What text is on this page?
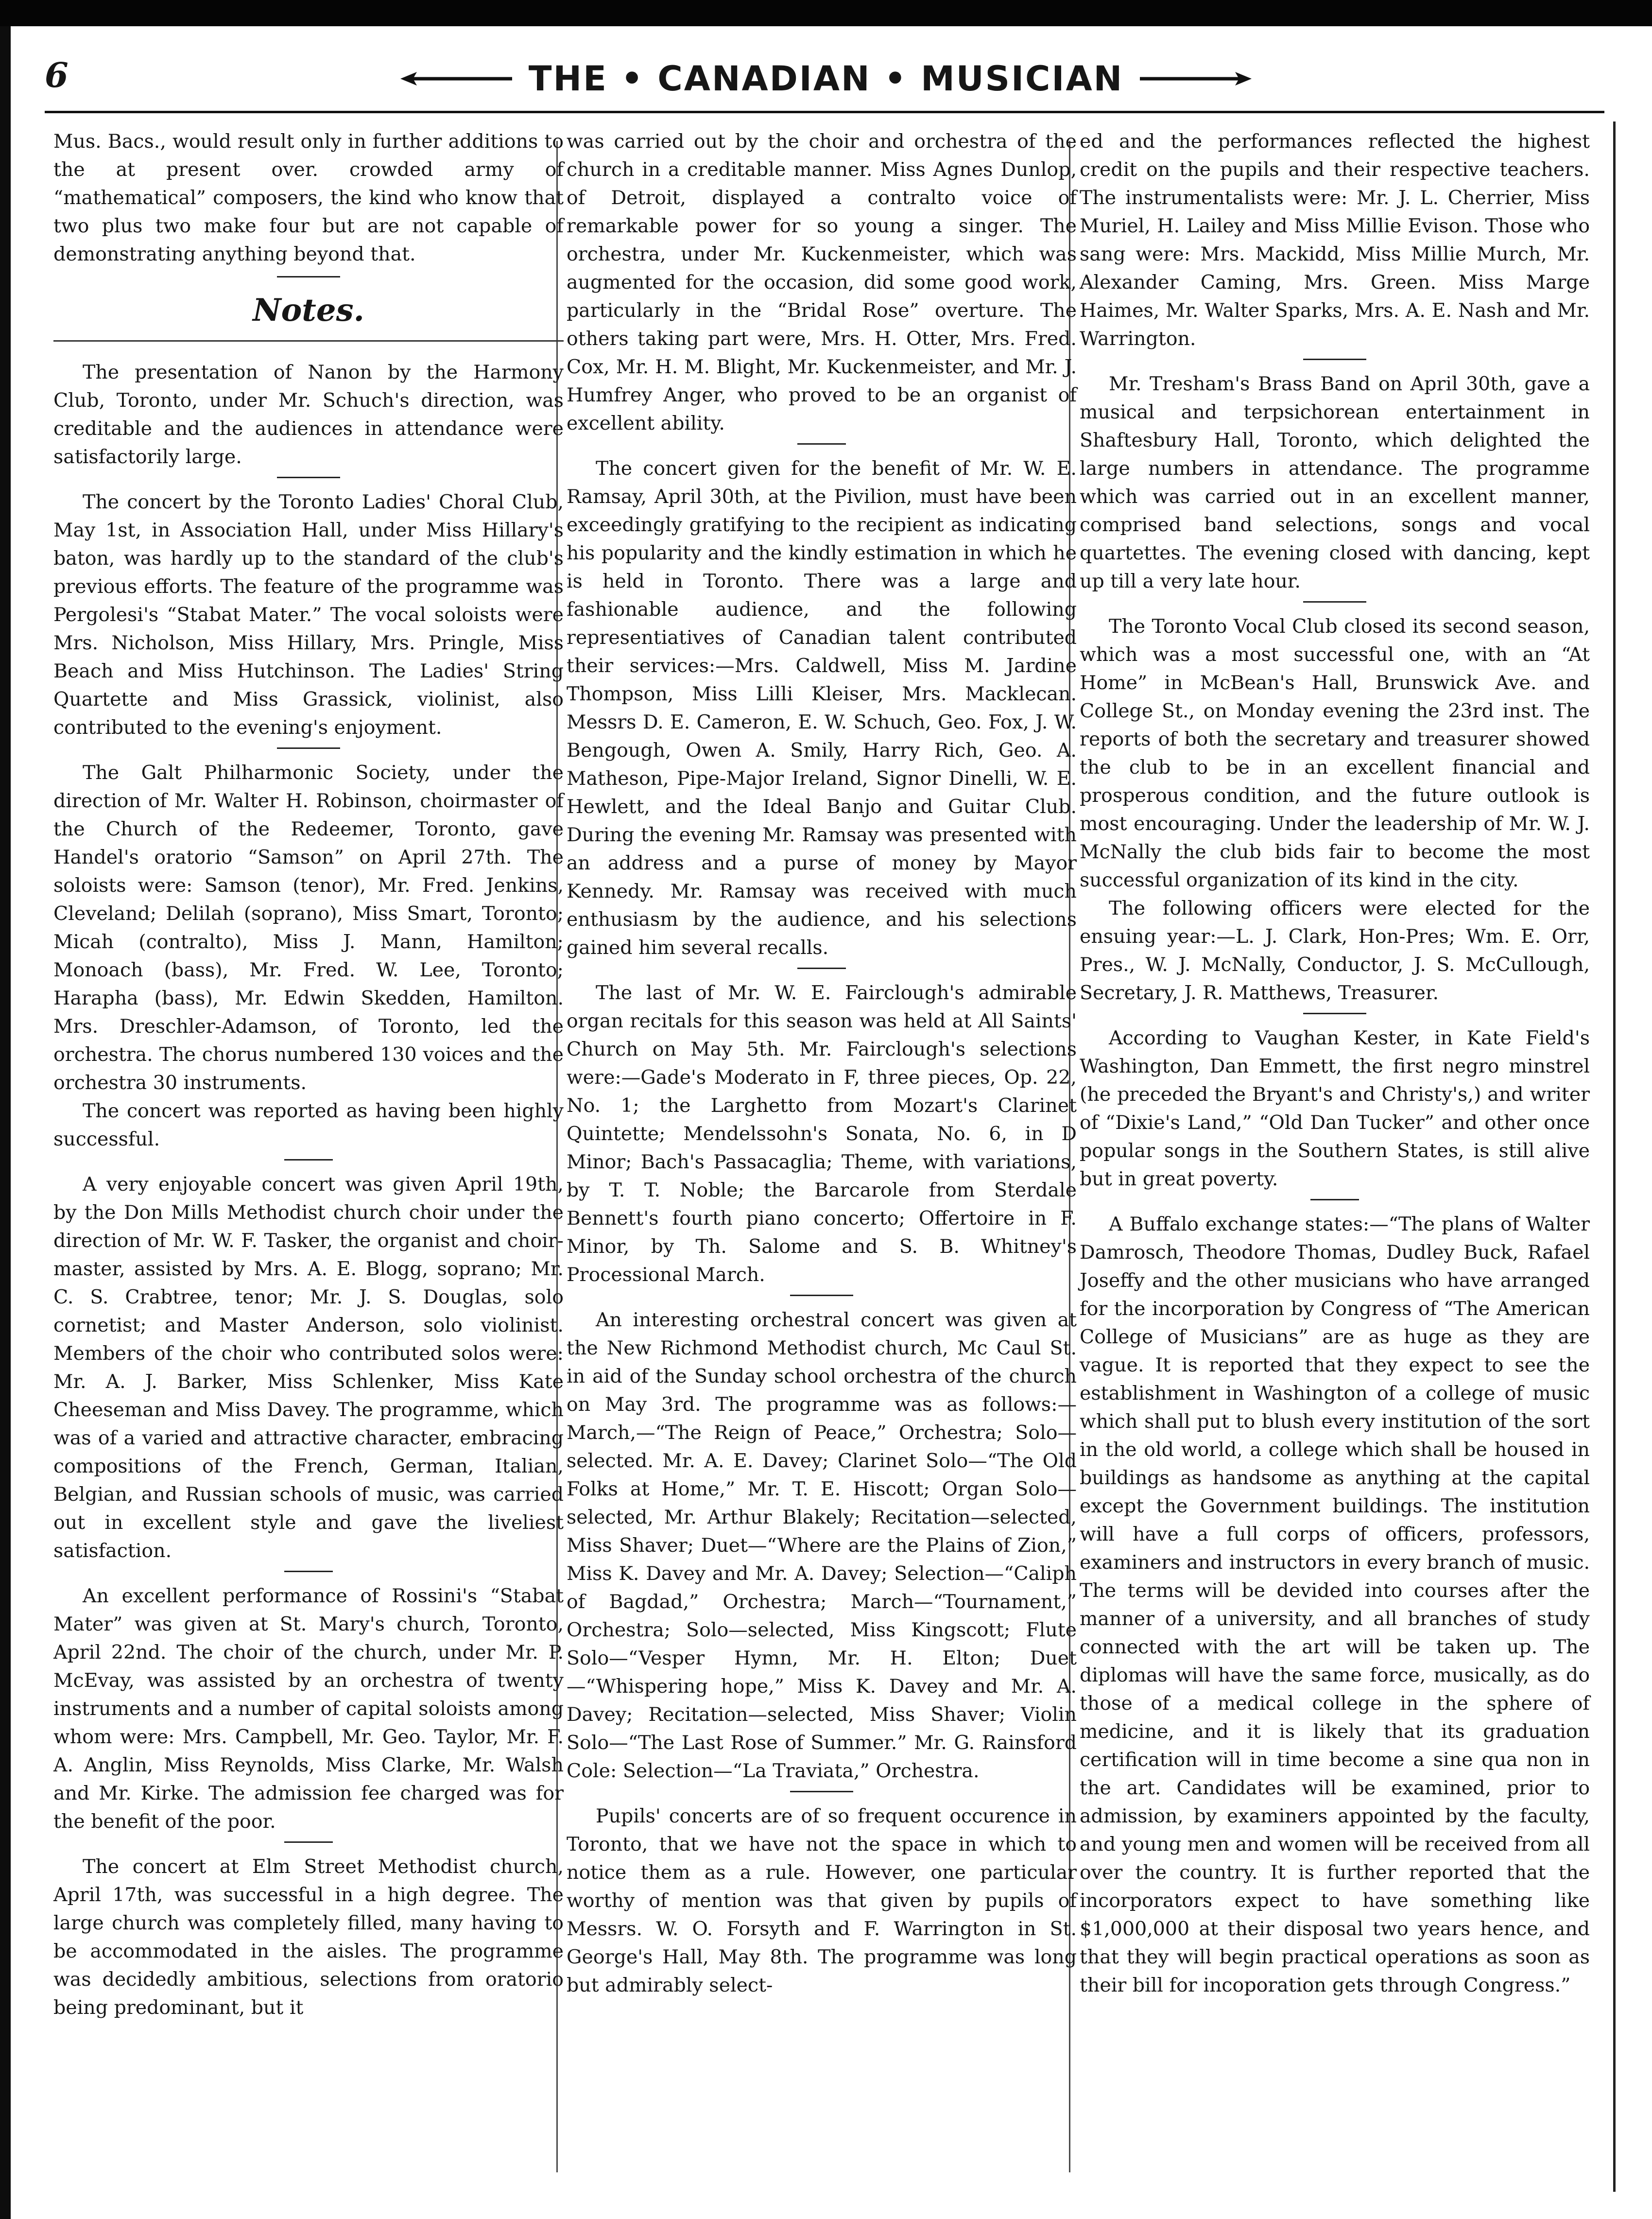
6	THE • CANADIAN • MUSICIAN

Mus. Bacs., would result only in further additions to the at present over. crowded army of “mathematical” composers, the kind who know that two plus two make four but are not capable of demonstrating anything beyond that.

Notes.

The presentation of Nanon by the Harmony Club, Toronto, under Mr. Schuch's direction, was creditable and the audiences in attendance were satisfactorily large.

The concert by the Toronto Ladies' Choral Club, May 1st, in Association Hall, under Miss Hillary's baton, was hardly up to the standard of the club's previous efforts. The feature of the programme was Pergolesi's “Stabat Mater.” The vocal soloists were Mrs. Nicholson, Miss Hillary, Mrs. Pringle, Miss Beach and Miss Hutchinson. The Ladies' String Quartette and Miss Grassick, violinist, also contributed to the evening's enjoyment.

The Galt Philharmonic Society, under the direction of Mr. Walter H. Robinson, choirmaster of the Church of the Redeemer, Toronto, gave Handel's oratorio “Samson” on April 27th. The soloists were: Samson (tenor), Mr. Fred. Jenkins, Cleveland; Delilah (soprano), Miss Smart, Toronto; Micah (contralto), Miss J. Mann, Hamilton; Monoach (bass), Mr. Fred. W. Lee, Toronto; Harapha (bass), Mr. Edwin Skedden, Hamilton. Mrs. Dreschler-Adamson, of Toronto, led the orchestra. The chorus numbered 130 voices and the orchestra 30 instruments.

The concert was reported as having been highly successful.

A very enjoyable concert was given April 19th, by the Don Mills Methodist church choir under the direction of Mr. W. F. Tasker, the organist and choir-master, assisted by Mrs. A. E. Blogg, soprano; Mr. C. S. Crabtree, tenor; Mr. J. S. Douglas, solo cornetist; and Master Anderson, solo violinist. Members of the choir who contributed solos were: Mr. A. J. Barker, Miss Schlenker, Miss Kate Cheeseman and Miss Davey. The programme, which was of a varied and attractive character, embracing compositions of the French, German, Italian, Belgian, and Russian schools of music, was carried out in excellent style and gave the liveliest satisfaction.

An excellent performance of Rossini's “Stabat Mater” was given at St. Mary's church, Toronto, April 22nd. The choir of the church, under Mr. P. McEvay, was assisted by an orchestra of twenty instruments and a number of capital soloists among whom were: Mrs. Campbell, Mr. Geo. Taylor, Mr. F. A. Anglin, Miss Reynolds, Miss Clarke, Mr. Walsh and Mr. Kirke. The admission fee charged was for the benefit of the poor.

The concert at Elm Street Methodist church, April 17th, was successful in a high degree. The large church was completely filled, many having to be accommodated in the aisles. The programme was decidedly ambitious, selections from oratorio being predominant, but it

was carried out by the choir and orchestra of the church in a creditable manner. Miss Agnes Dunlop, of Detroit, displayed a contralto voice of remarkable power for so young a singer. The orchestra, under Mr. Kuckenmeister, which was augmented for the occasion, did some good work, particularly in the “Bridal Rose” overture. The others taking part were, Mrs. H. Otter, Mrs. Fred. Cox, Mr. H. M. Blight, Mr. Kuckenmeister, and Mr. J. Humfrey Anger, who proved to be an organist of excellent ability.

The concert given for the benefit of Mr. W. E. Ramsay, April 30th, at the Pivilion, must have been exceedingly gratifying to the recipient as indicating his popularity and the kindly estimation in which he is held in Toronto. There was a large and fashionable audience, and the following representiatives of Canadian talent contributed their services:—Mrs. Caldwell, Miss M. Jardine Thompson, Miss Lilli Kleiser, Mrs. Macklecan. Messrs D. E. Cameron, E. W. Schuch, Geo. Fox, J. W. Bengough, Owen A. Smily, Harry Rich, Geo. A. Matheson, Pipe-Major Ireland, Signor Dinelli, W. E. Hewlett, and the Ideal Banjo and Guitar Club. During the evening Mr. Ramsay was presented with an address and a purse of money by Mayor Kennedy. Mr. Ramsay was received with much enthusiasm by the audience, and his selections gained him several recalls.

The last of Mr. W. E. Fairclough's admirable organ recitals for this season was held at All Saints' Church on May 5th. Mr. Fairclough's selections were:—Gade's Moderato in F, three pieces, Op. 22, No. 1; the Larghetto from Mozart's Clarinet Quintette; Mendelssohn's Sonata, No. 6, in D Minor; Bach's Passacaglia; Theme, with variations, by T. T. Noble; the Barcarole from Sterdale Bennett's fourth piano concerto; Offertoire in F. Minor, by Th. Salome and S. B. Whitney's Processional March.

An interesting orchestral concert was given at the New Richmond Methodist church, Mc Caul St. in aid of the Sunday school orchestra of the church on May 3rd. The programme was as follows:—March,—“The Reign of Peace,” Orchestra; Solo—selected. Mr. A. E. Davey; Clarinet Solo—“The Old Folks at Home,” Mr. T. E. Hiscott; Organ Solo—selected, Mr. Arthur Blakely; Recitation—selected, Miss Shaver; Duet—“Where are the Plains of Zion,” Miss K. Davey and Mr. A. Davey; Selection—“Caliph of Bagdad,” Orchestra; March—“Tournament,” Orchestra; Solo—selected, Miss Kingscott; Flute Solo—“Vesper Hymn, Mr. H. Elton; Duet—“Whispering hope,” Miss K. Davey and Mr. A. Davey; Recitation—selected, Miss Shaver; Violin Solo—“The Last Rose of Summer.” Mr. G. Rainsford Cole: Selection—“La Traviata,” Orchestra.

Pupils' concerts are of so frequent occurence in Toronto, that we have not the space in which to notice them as a rule. However, one particular worthy of mention was that given by pupils of Messrs. W. O. Forsyth and F. Warrington in St. George's Hall, May 8th. The programme was long but admirably select-

ed and the performances reflected the highest credit on the pupils and their respective teachers. The instrumentalists were: Mr. J. L. Cherrier, Miss Muriel, H. Lailey and Miss Millie Evison. Those who sang were: Mrs. Mackidd, Miss Millie Murch, Mr. Alexander Caming, Mrs. Green. Miss Marge Haimes, Mr. Walter Sparks, Mrs. A. E. Nash and Mr. Warrington.

Mr. Tresham's Brass Band on April 30th, gave a musical and terpsichorean entertainment in Shaftesbury Hall, Toronto, which delighted the large numbers in attendance. The programme which was carried out in an excellent manner, comprised band selections, songs and vocal quartettes. The evening closed with dancing, kept up till a very late hour.

The Toronto Vocal Club closed its second season, which was a most successful one, with an “At Home” in McBean's Hall, Brunswick Ave. and College St., on Monday evening the 23rd inst. The reports of both the secretary and treasurer showed the club to be in an excellent financial and prosperous condition, and the future outlook is most encouraging. Under the leadership of Mr. W. J. McNally the club bids fair to become the most successful organization of its kind in the city.

The following officers were elected for the ensuing year:—L. J. Clark, Hon-Pres; Wm. E. Orr, Pres., W. J. McNally, Conductor, J. S. McCullough, Secretary, J. R. Matthews, Treasurer.

According to Vaughan Kester, in Kate Field's Washington, Dan Emmett, the first negro minstrel (he preceded the Bryant's and Christy's,) and writer of “Dixie's Land,” “Old Dan Tucker” and other once popular songs in the Southern States, is still alive but in great poverty.

A Buffalo exchange states:—“The plans of Walter Damrosch, Theodore Thomas, Dudley Buck, Rafael Joseffy and the other musicians who have arranged for the incorporation by Congress of “The American College of Musicians” are as huge as they are vague. It is reported that they expect to see the establishment in Washington of a college of music which shall put to blush every institution of the sort in the old world, a college which shall be housed in buildings as handsome as anything at the capital except the Government buildings. The institution will have a full corps of officers, professors, examiners and instructors in every branch of music. The terms will be devided into courses after the manner of a university, and all branches of study connected with the art will be taken up. The diplomas will have the same force, musically, as do those of a medical college in the sphere of medicine, and it is likely that its graduation certification will in time become a sine qua non in the art. Candidates will be examined, prior to admission, by examiners appointed by the faculty, and young men and women will be received from all over the country. It is further reported that the incorporators expect to have something like $1,000,000 at their disposal two years hence, and that they will begin practical operations as soon as their bill for incoporation gets through Congress.”
